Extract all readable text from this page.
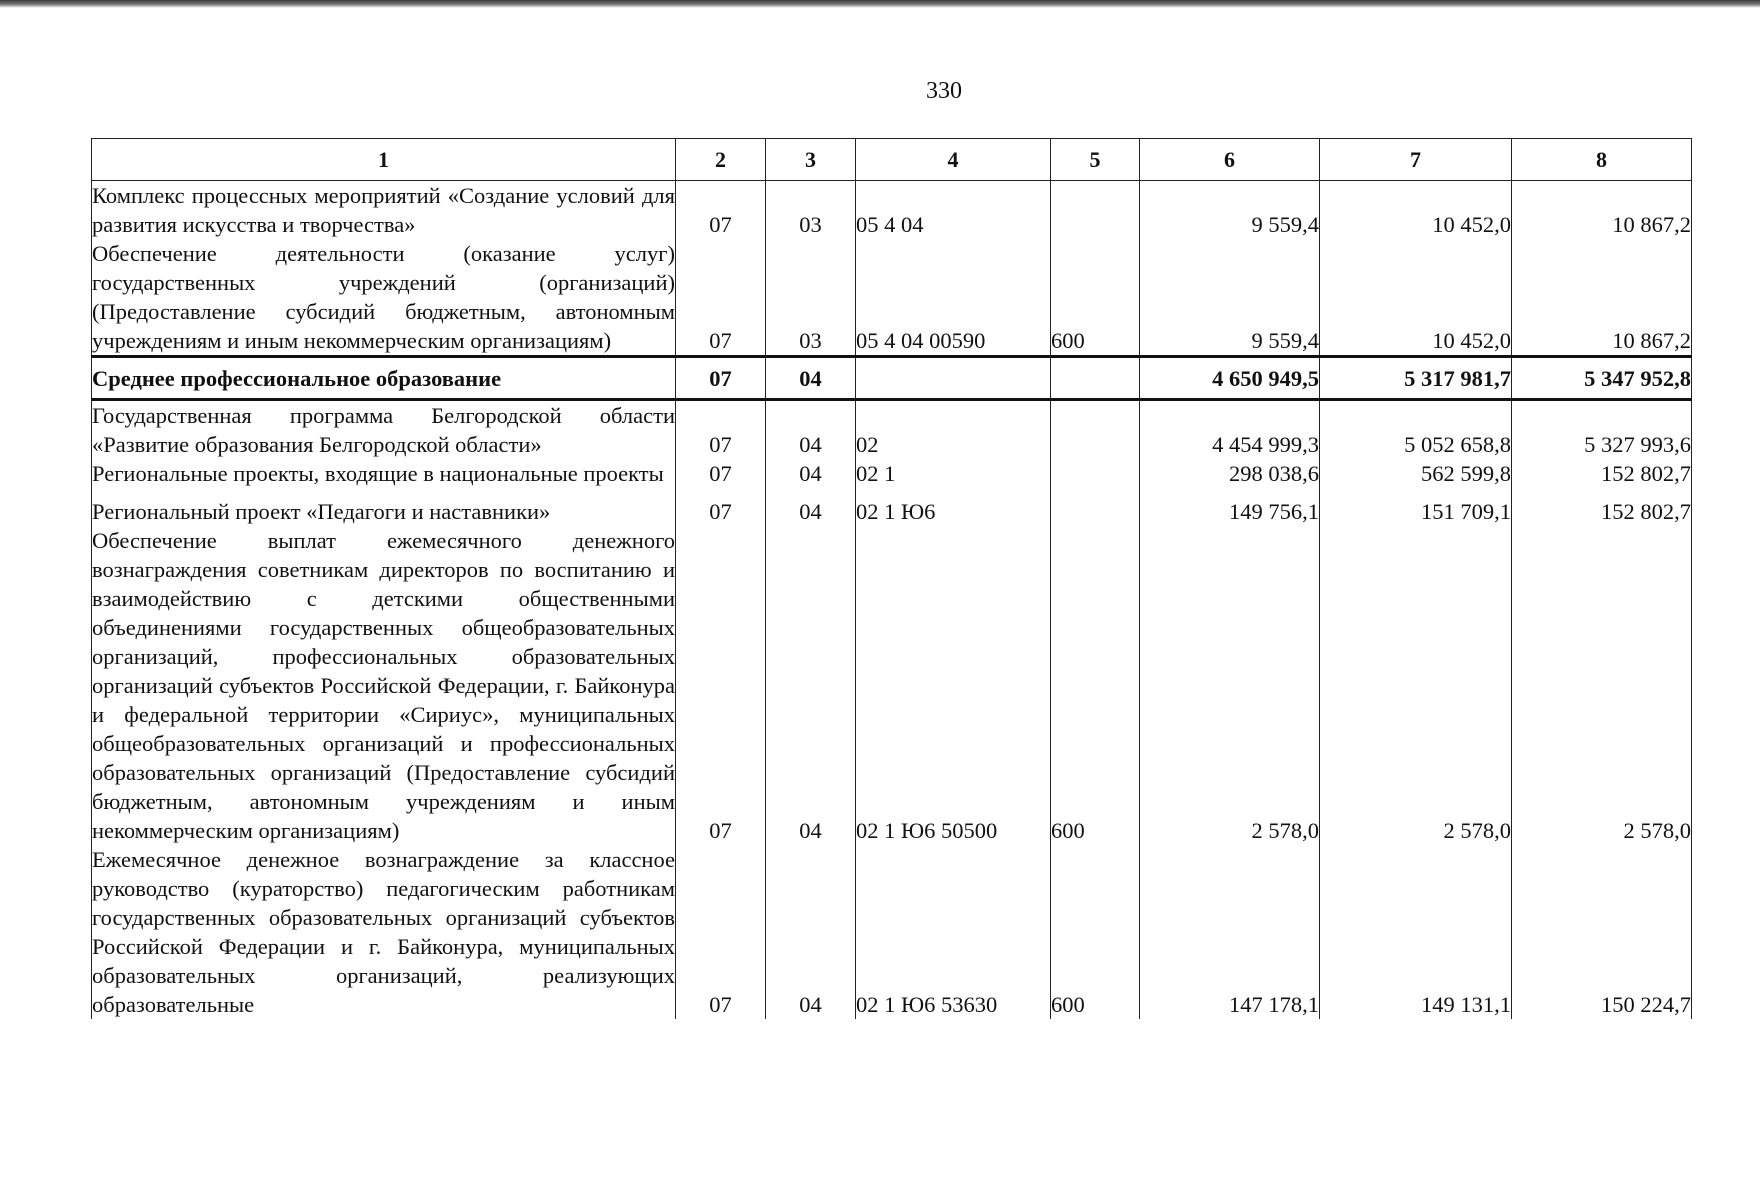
330
1	2	3	4	5	6	7	8
Комплекс процессных мероприятий «Создание условий для развития искусства и творчества»	07	03	05 4 04		9 559,4	10 452,0	10 867,2
Обеспечение деятельности (оказание услуг) государственных учреждений (организаций) (Предоставление субсидий бюджетным, автономным учреждениям и иным некоммерческим организациям)	07	03	05 4 04 00590	600	9 559,4	10 452,0	10 867,2
Среднее профессиональное образование	07	04			4 650 949,5	5 317 981,7	5 347 952,8
Государственная программа Белгородской области «Развитие образования Белгородской области»	07	04	02		4 454 999,3	5 052 658,8	5 327 993,6
Региональные проекты, входящие в национальные проекты	07	04	02 1		298 038,6	562 599,8	152 802,7

Региональный проект «Педагоги и наставники»	07	04	02 1 Ю6		149 756,1	151 709,1	152 802,7
Обеспечение выплат ежемесячного денежного вознаграждения советникам директоров по воспитанию и взаимодействию с детскими общественными объединениями государственных общеобразовательных организаций, профессиональных образовательных организаций субъектов Российской Федерации, г. Байконура и федеральной территории «Сириус», муниципальных общеобразовательных организаций и профессиональных образовательных организаций (Предоставление субсидий бюджетным, автономным учреждениям и иным некоммерческим организациям)	07	04	02 1 Ю6 50500	600	2 578,0	2 578,0	2 578,0
Ежемесячное денежное вознаграждение за классное руководство (кураторство) педагогическим работникам государственных образовательных организаций субъектов Российской Федерации и г. Байконура, муниципальных образовательных организаций, реализующих образовательные	07	04	02 1 Ю6 53630	600	147 178,1	149 131,1	150 224,7
